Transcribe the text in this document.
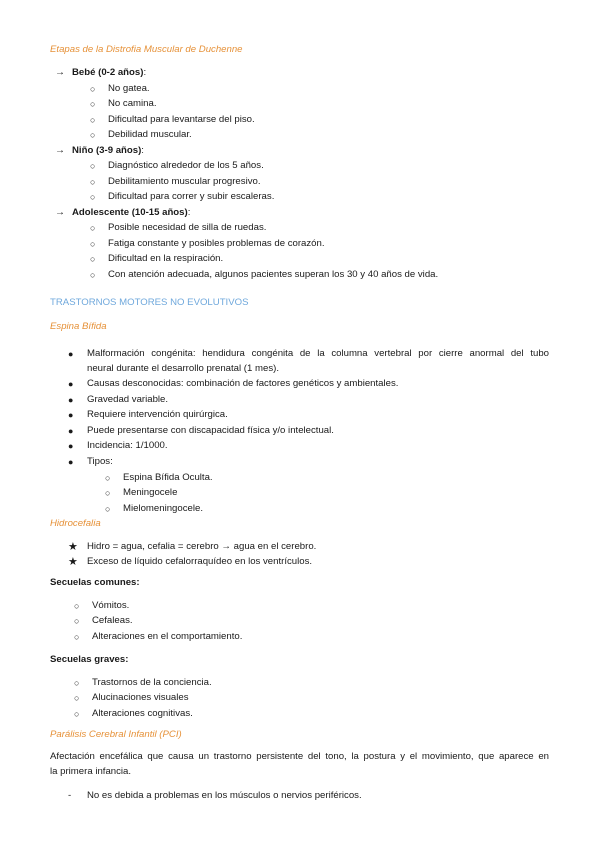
Etapas de la Distrofia Muscular de Duchenne
→ Bebé (0-2 años):
○ No gatea.
○ No camina.
○ Dificultad para levantarse del piso.
○ Debilidad muscular.
→ Niño (3-9 años):
○ Diagnóstico alrededor de los 5 años.
○ Debilitamiento muscular progresivo.
○ Dificultad para correr y subir escaleras.
→ Adolescente (10-15 años):
○ Posible necesidad de silla de ruedas.
○ Fatiga constante y posibles problemas de corazón.
○ Dificultad en la respiración.
○ Con atención adecuada, algunos pacientes superan los 30 y 40 años de vida.
TRASTORNOS MOTORES NO EVOLUTIVOS
Espina Bífida
● Malformación congénita: hendidura congénita de la columna vertebral por cierre anormal del tubo
neural durante el desarrollo prenatal (1 mes).
● Causas desconocidas: combinación de factores genéticos y ambientales.
● Gravedad variable.
● Requiere intervención quirúrgica.
● Puede presentarse con discapacidad física y/o intelectual.
● Incidencia: 1/1000.
● Tipos:
○ Espina Bífida Oculta.
○ Meningocele
○ Mielomeningocele.
Hidrocefalia
★ Hidro = agua, cefalia = cerebro → agua en el cerebro.
★ Exceso de líquido cefalorraquídeo en los ventrículos.
Secuelas comunes:
○ Vómitos.
○ Cefaleas.
○ Alteraciones en el comportamiento.
Secuelas graves:
○ Trastornos de la conciencia.
○ Alucinaciones visuales
○ Alteraciones cognitivas.
Parálisis Cerebral Infantil (PCI)
Afectación encefálica que causa un trastorno persistente del tono, la postura y el movimiento, que aparece en
la primera infancia.
- No es debida a problemas en los músculos o nervios periféricos.
